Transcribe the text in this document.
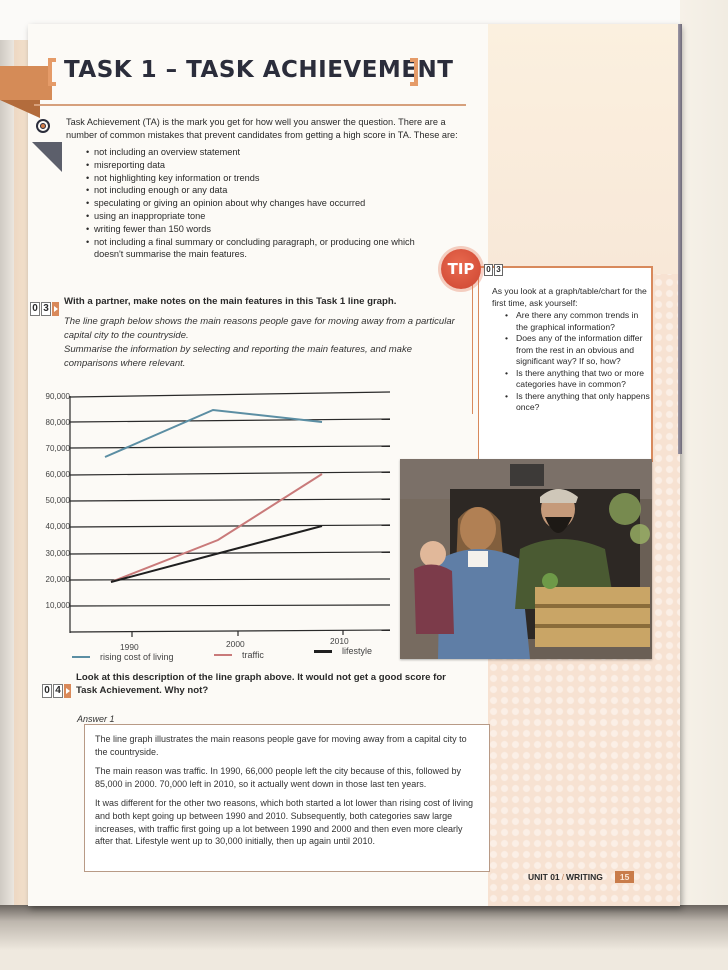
TASK 1 – TASK ACHIEVEMENT

Task Achievement (TA) is the mark you get for how well you answer the question. There are a number of common mistakes that prevent candidates from getting a high score in TA. These are:

• not including an overview statement
• misreporting data
• not highlighting key information or trends
• not including enough or any data
• speculating or giving an opinion about why changes have occurred
• using an inappropriate tone
• writing fewer than 150 words
• not including a final summary or concluding paragraph, or producing one which doesn't summarise the main features.
0 3
With a partner, make notes on the main features in this Task 1 line graph.
The line graph below shows the main reasons people gave for moving away from a particular capital city to the countryside.
Summarise the information by selecting and reporting the main features, and make comparisons where relevant.
90,000
80,000
70,000
60,000
50,000
40,000
30,000
20,000
10,000
1990	2000	2010
rising cost of living	traffic	lifestyle
TIP	0 3

As you look at a graph/table/chart for the first time, ask yourself:

• Are there any common trends in the graphical information?
• Does any of the information differ from the rest in an obvious and significant way? If so, how?
• Is there anything that two or more categories have in common?
• Is there anything that only happens once?
0 4
Look at this description of the line graph above. It would not get a good score for Task Achievement. Why not?
Answer 1

The line graph illustrates the main reasons people gave for moving away from a capital city to the countryside.

The main reason was traffic. In 1990, 66,000 people left the city because of this, followed by 85,000 in 2000. 70,000 left in 2010, so it actually went down in those last ten years.

It was different for the other two reasons, which both started a lot lower than rising cost of living and both kept going up between 1990 and 2010. Subsequently, both categories saw large increases, with traffic first going up a lot between 1990 and 2000 and then even more clearly after that. Lifestyle went up to 30,000 initially, then up again until 2010.

UNIT 01 / WRITING	15
